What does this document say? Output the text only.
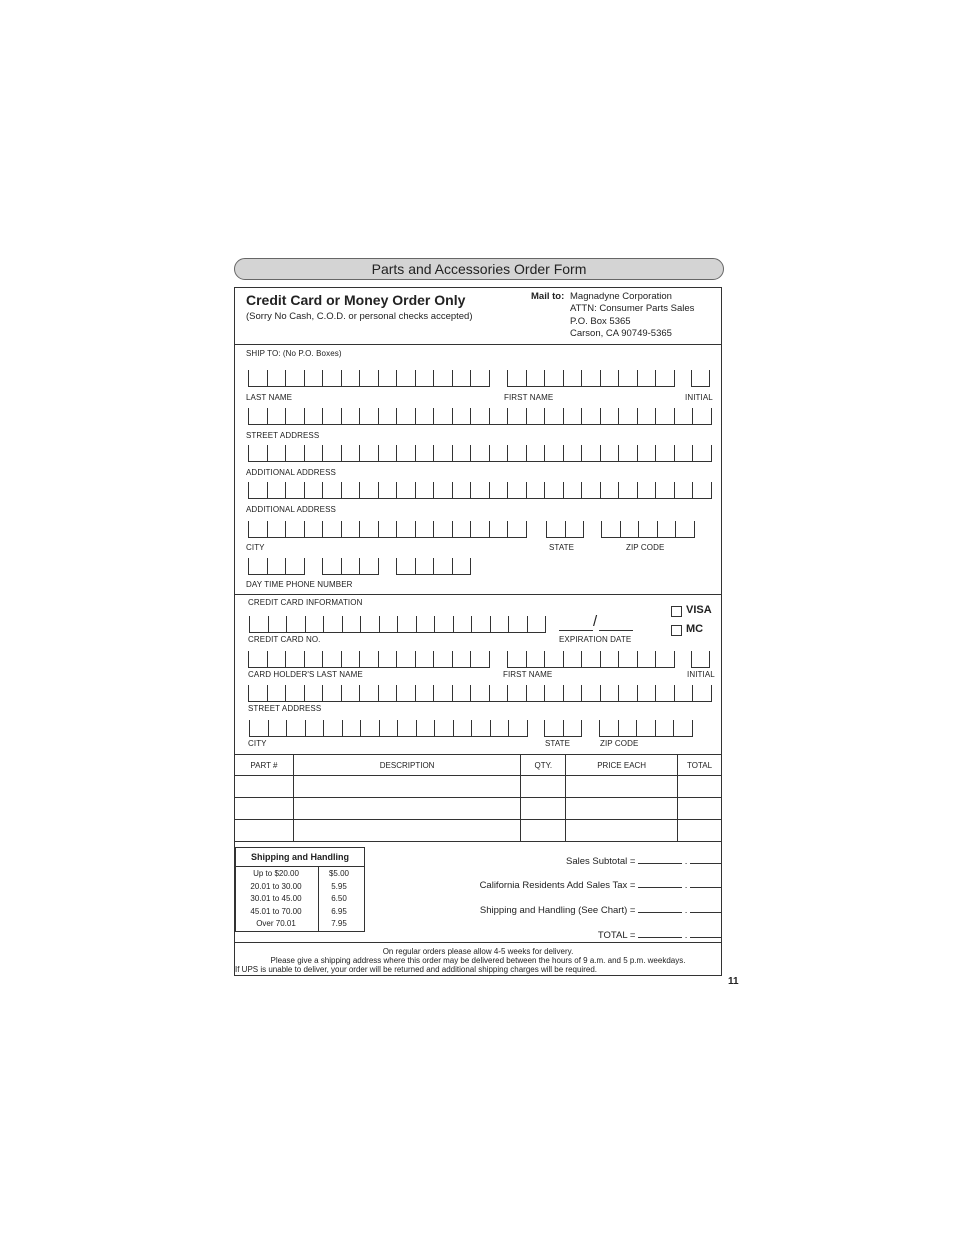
Parts and Accessories Order Form
Credit Card or Money Order Only
(Sorry No Cash, C.O.D. or personal checks accepted)
Mail to: Magnadyne Corporation
ATTN: Consumer Parts Sales
P.O. Box 5365
Carson, CA 90749-5365
SHIP TO: (No P.O. Boxes)
LAST NAME	FIRST NAME	INITIAL
STREET ADDRESS
ADDITIONAL ADDRESS
ADDITIONAL ADDRESS
CITY	STATE	ZIP CODE
DAY TIME PHONE NUMBER
CREDIT CARD INFORMATION
CREDIT CARD NO.
/
EXPIRATION DATE
VISA
MC
CARD HOLDER'S LAST NAME	FIRST NAME	INITIAL
STREET ADDRESS
CITY	STATE	ZIP CODE
PART #	DESCRIPTION	QTY.	PRICE EACH	TOTAL

Shipping and Handling
Up to $20.00	$5.00
20.01 to 30.00	5.95
30.01 to 45.00	6.50
45.01 to 70.00	6.95
Over 70.01	7.95
Sales Subtotal =	.
California Residents Add Sales Tax =	.
Shipping and Handling (See Chart) =	.
TOTAL =	.
On regular orders please allow 4-5 weeks for delivery.
Please give a shipping address where this order may be delivered between the hours of 9 a.m. and 5 p.m. weekdays.
If UPS is unable to deliver, your order will be returned and additional shipping charges will be required.
11
